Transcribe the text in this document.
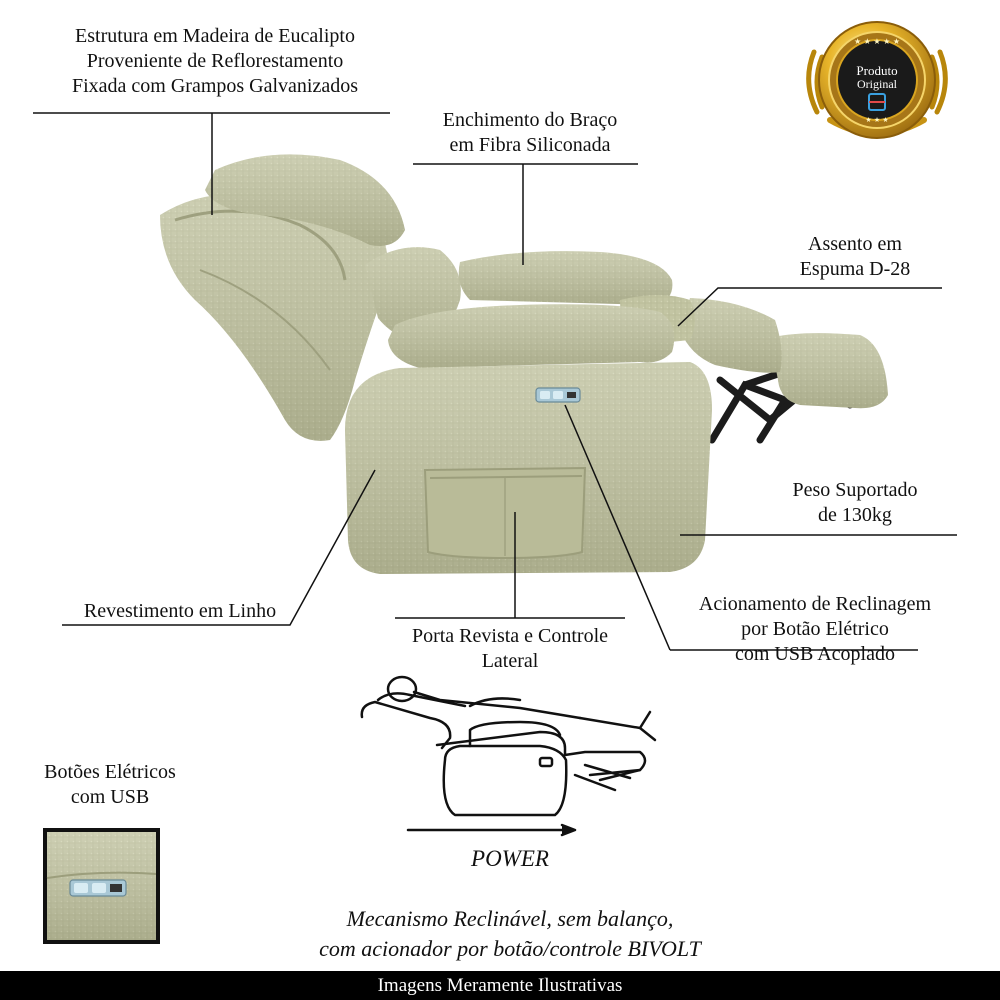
★ ★ ★ ★ ★
★ ★ ★
Produto
Original
Estrutura em Madeira de Eucalipto
Proveniente de Reflorestamento
Fixada com Grampos Galvanizados
Enchimento do Braço
em Fibra Siliconada
Assento em
Espuma D-28
Peso Suportado
de 130kg
Revestimento em Linho
Porta Revista e Controle
Lateral
Acionamento de Reclinagem
por Botão Elétrico
com USB Acoplado
Botões Elétricos
com USB
POWER
Mecanismo Reclinável, sem balanço,
com acionador por botão/controle BIVOLT
Imagens Meramente Ilustrativas
